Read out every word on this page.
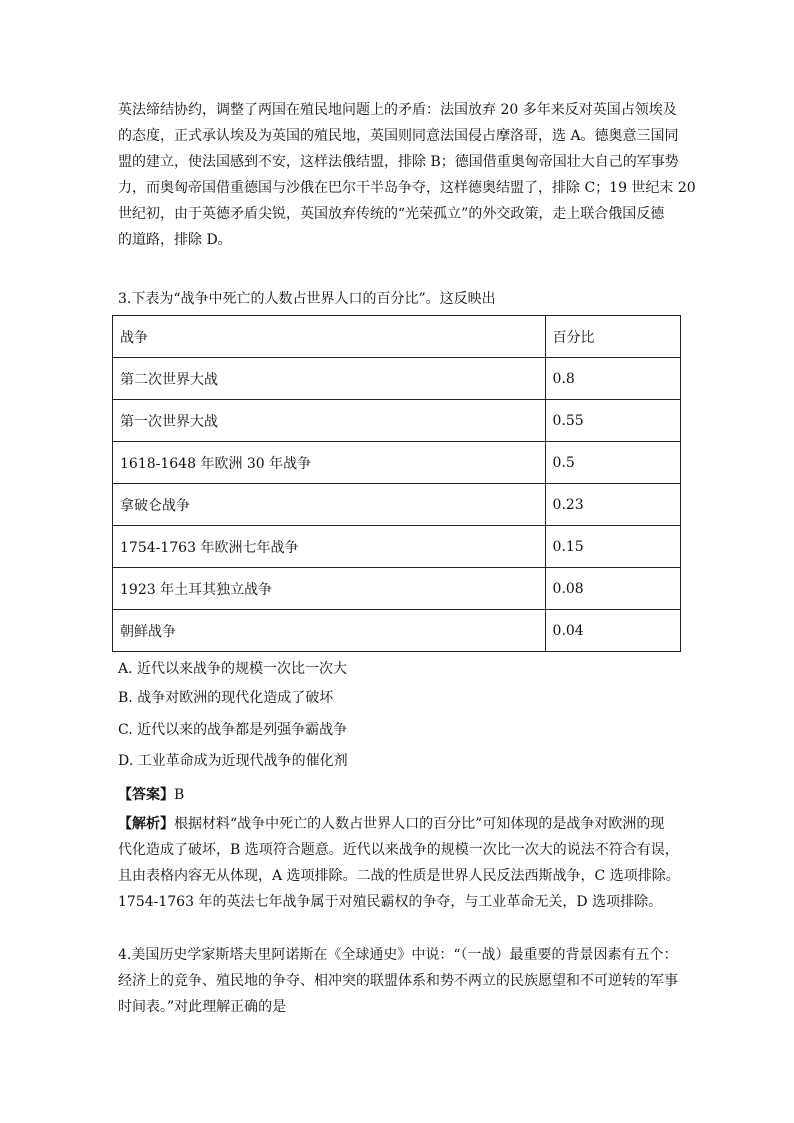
英法缔结协约，调整了两国在殖民地问题上的矛盾：法国放弃 20 多年来反对英国占领埃及

的态度，正式承认埃及为英国的殖民地，英国则同意法国侵占摩洛哥，选 A。德奥意三国同

盟的建立，使法国感到不安，这样法俄结盟，排除 B；德国借重奥匈帝国壮大自己的军事势

力，而奥匈帝国借重德国与沙俄在巴尔干半岛争夺，这样德奥结盟了，排除 C；19 世纪末 20

世纪初，由于英德矛盾尖锐，英国放弃传统的“光荣孤立”的外交政策，走上联合俄国反德

的道路，排除 D。

3.下表为“战争中死亡的人数占世界人口的百分比”。这反映出
战争	百分比
第二次世界大战	0.8
第一次世界大战	0.55
1618-1648 年欧洲 30 年战争	0.5
拿破仑战争	0.23
1754-1763 年欧洲七年战争	0.15
1923 年土耳其独立战争	0.08
朝鲜战争	0.04
A. 近代以来战争的规模一次比一次大
B. 战争对欧洲的现代化造成了破坏
C. 近代以来的战争都是列强争霸战争
D. 工业革命成为近现代战争的催化剂
【答案】B

【解析】根据材料“战争中死亡的人数占世界人口的百分比”可知体现的是战争对欧洲的现

代化造成了破坏，B 选项符合题意。近代以来战争的规模一次比一次大的说法不符合有误，

且由表格内容无从体现，A 选项排除。二战的性质是世界人民反法西斯战争，C 选项排除。

1754-1763 年的英法七年战争属于对殖民霸权的争夺，与工业革命无关，D 选项排除。

4.美国历史学家斯塔夫里阿诺斯在《全球通史》中说：“（一战）最重要的背景因素有五个：

经济上的竞争、殖民地的争夺、相冲突的联盟体系和势不两立的民族愿望和不可逆转的军事

时间表。”对此理解正确的是
